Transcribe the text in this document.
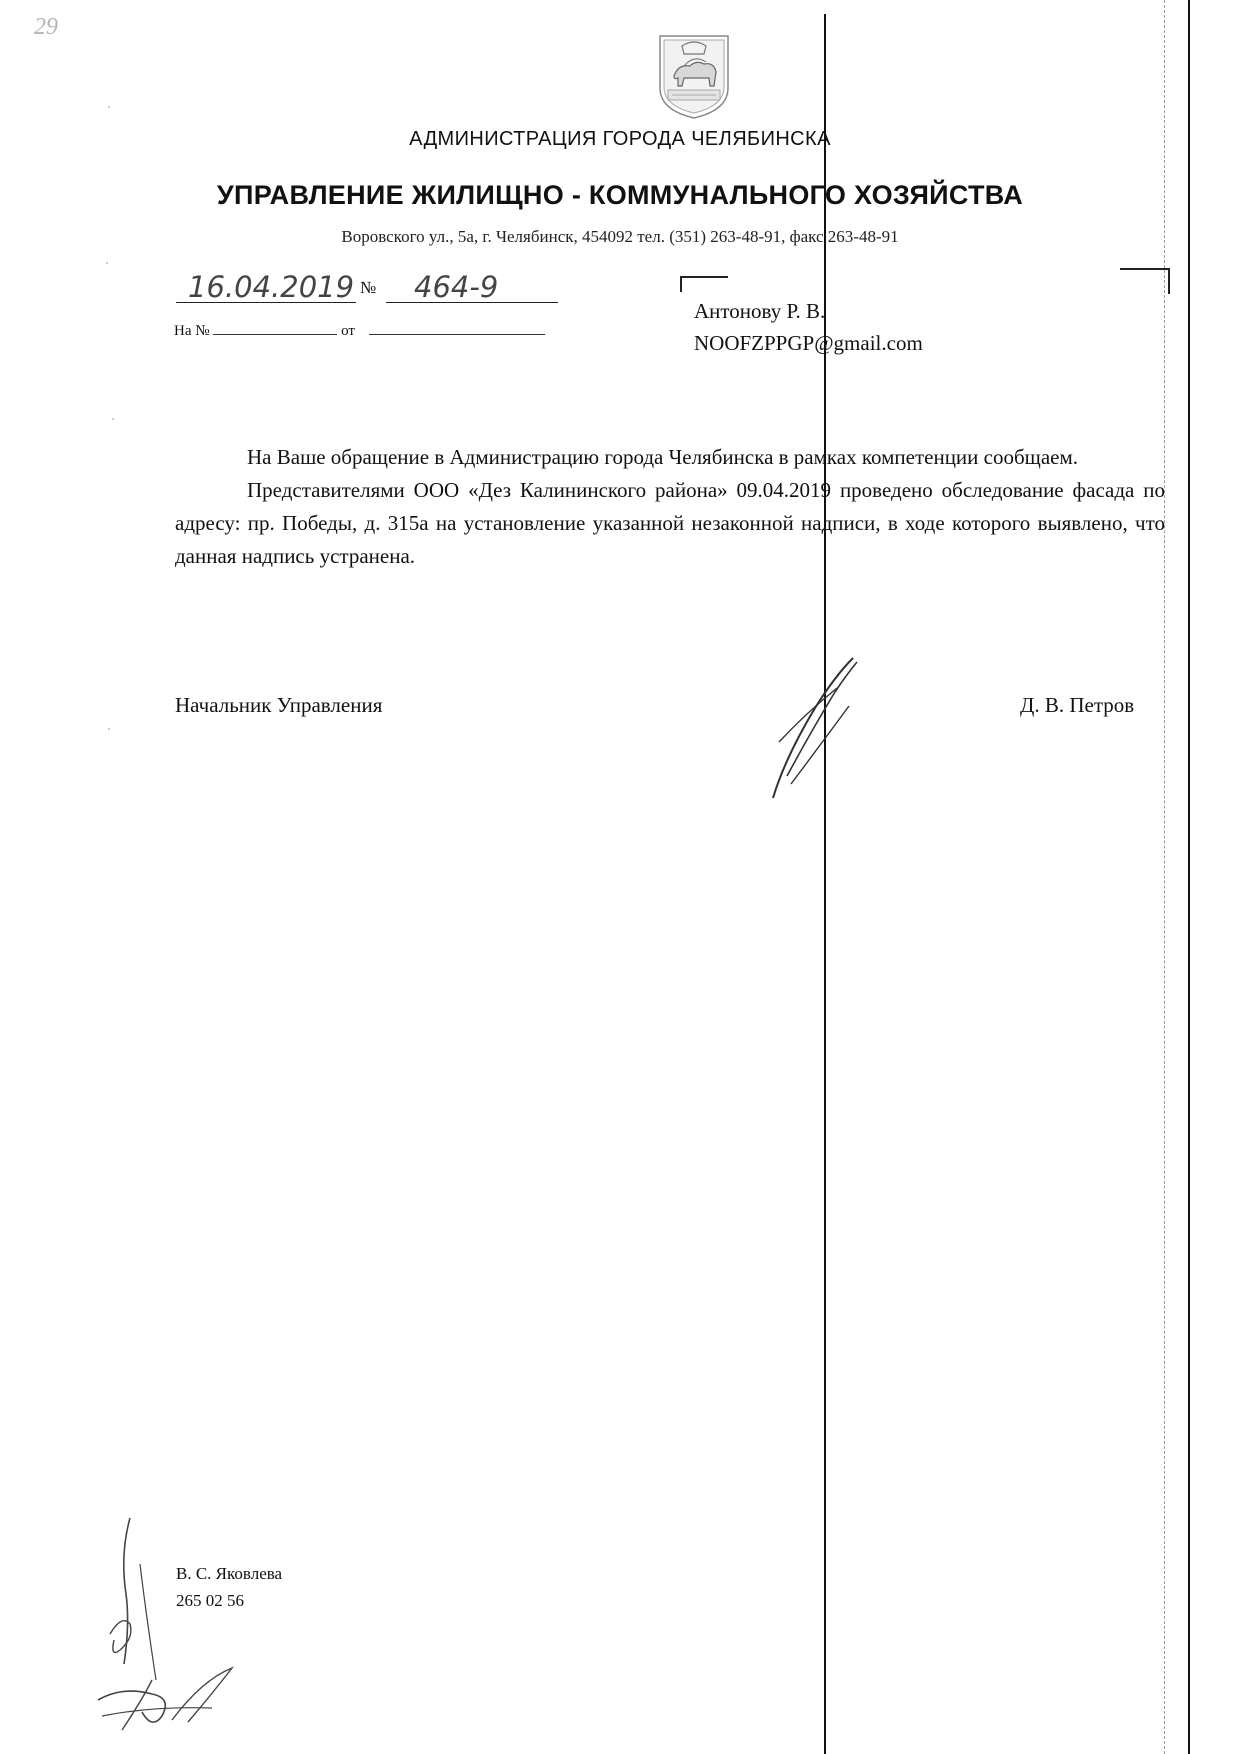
29
АДМИНИСТРАЦИЯ ГОРОДА ЧЕЛЯБИНСКА
УПРАВЛЕНИЕ ЖИЛИЩНО - КОММУНАЛЬНОГО ХОЗЯЙСТВА
Воровского ул., 5а, г. Челябинск, 454092 тел. (351) 263-48-91, факс 263-48-91
16.04.2019 № 464-9
На №	от
Антонову Р. В.
NOOFZPPGP@gmail.com

На Ваше обращение в Администрацию города Челябинска в рамках компетенции сообщаем.

Представителями ООО «Дез Калининского района» 09.04.2019 проведено обследование фасада по адресу: пр. Победы, д. 315а на установление указанной незаконной надписи, в ходе которого выявлено, что данная надпись устранена.

Начальник Управления	Д. В. Петров
В. С. Яковлева
265 02 56
